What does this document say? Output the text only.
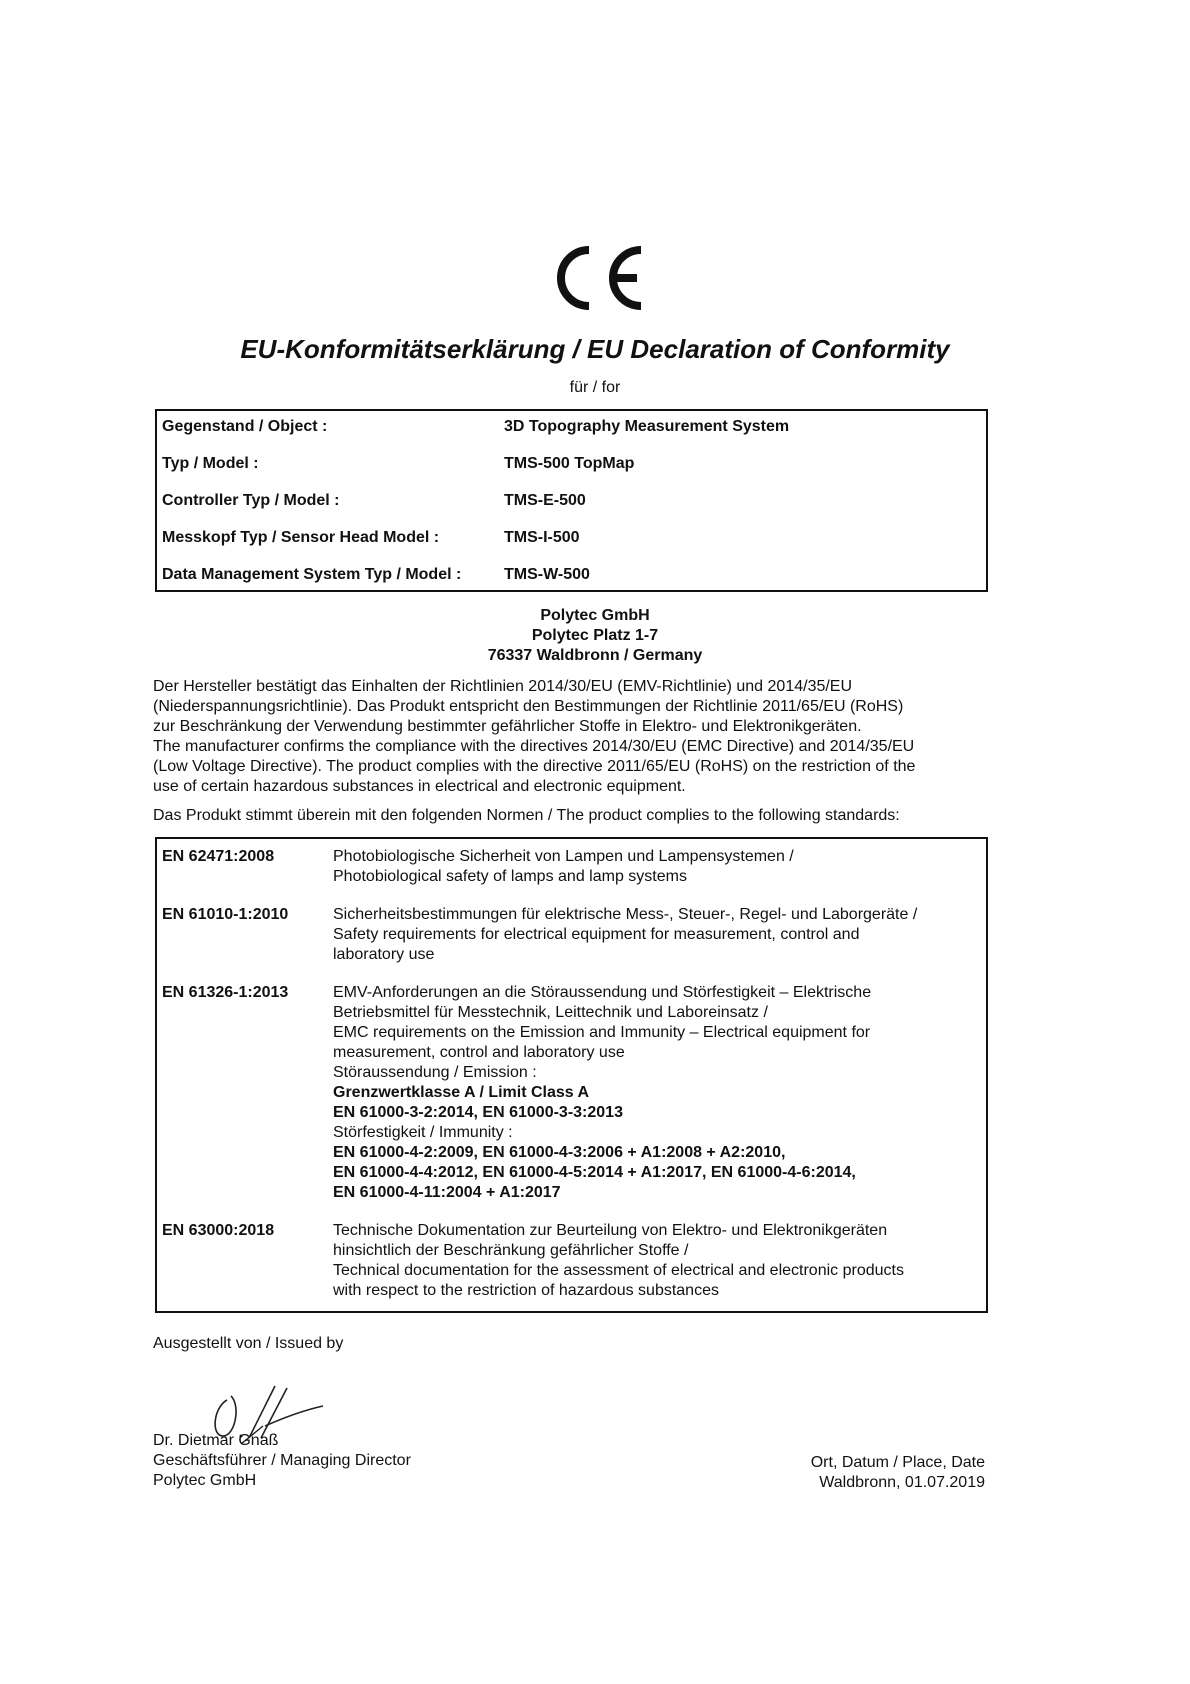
EU-Konformitätserklärung / EU Declaration of Conformity
für / for
Gegenstand / Object :	3D Topography Measurement System
Typ / Model :	TMS-500 TopMap
Controller Typ / Model :	TMS-E-500
Messkopf Typ / Sensor Head Model :	TMS-I-500
Data Management System Typ / Model :	TMS-W-500
Polytec GmbH
Polytec Platz 1-7
76337 Waldbronn / Germany

Der Hersteller bestätigt das Einhalten der Richtlinien 2014/30/EU (EMV-Richtlinie) und 2014/35/EU

(Niederspannungsrichtlinie). Das Produkt entspricht den Bestimmungen der Richtlinie 2011/65/EU (RoHS)

zur Beschränkung der Verwendung bestimmter gefährlicher Stoffe in Elektro- und Elektronikgeräten.

The manufacturer confirms the compliance with the directives 2014/30/EU (EMC Directive) and 2014/35/EU

(Low Voltage Directive). The product complies with the directive 2011/65/EU (RoHS) on the restriction of the

use of certain hazardous substances in electrical and electronic equipment.

Das Produkt stimmt überein mit den folgenden Normen / The product complies to the following standards:
EN 62471:2008	Photobiologische Sicherheit von Lampen und Lampensystemen /
Photobiological safety of lamps and lamp systems
EN 61010-1:2010	Sicherheitsbestimmungen für elektrische Mess-, Steuer-, Regel- und Laborgeräte /
Safety requirements for electrical equipment for measurement, control and
laboratory use
EN 61326-1:2013	EMV-Anforderungen an die Störaussendung und Störfestigkeit – Elektrische
Betriebsmittel für Messtechnik, Leittechnik und Laboreinsatz /
EMC requirements on the Emission and Immunity – Electrical equipment for
measurement, control and laboratory use
Störaussendung / Emission :
Grenzwertklasse A / Limit Class A
EN 61000-3-2:2014, EN 61000-3-3:2013
Störfestigkeit / Immunity :
EN 61000-4-2:2009, EN 61000-4-3:2006 + A1:2008 + A2:2010,
EN 61000-4-4:2012, EN 61000-4-5:2014 + A1:2017, EN 61000-4-6:2014,
EN 61000-4-11:2004 + A1:2017
EN 63000:2018	Technische Dokumentation zur Beurteilung von Elektro- und Elektronikgeräten
hinsichtlich der Beschränkung gefährlicher Stoffe /
Technical documentation for the assessment of electrical and electronic products
with respect to the restriction of hazardous substances
Ausgestellt von / Issued by
Dr. Dietmar Gnaß
Geschäftsführer / Managing Director
Polytec GmbH
Ort, Datum / Place, Date
Waldbronn, 01.07.2019
